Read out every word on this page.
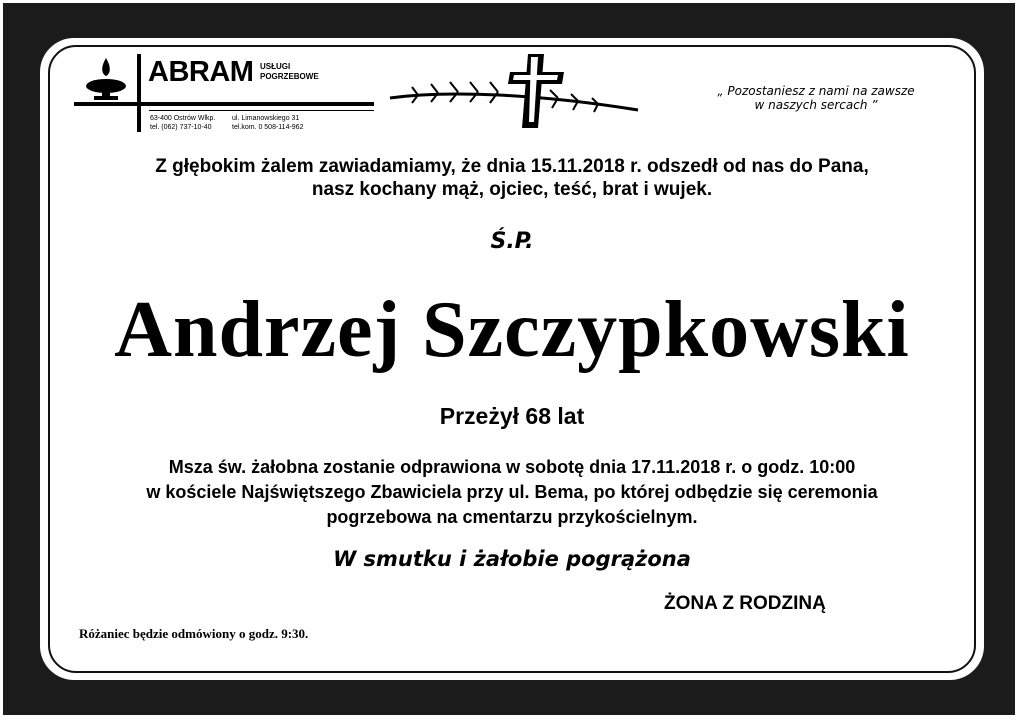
ABRAM USŁUGI
POGRZEBOWE
63-400 Ostrów Wlkp.
tel. (062) 737-10-40
ul. Limanowskiego 31
tel.kom. 0 508-114-962
„ Pozostaniesz z nami na zawsze
w naszych sercach ”
Z głębokim żalem zawiadamiamy, że dnia 15.11.2018 r. odszedł od nas do Pana,
nasz kochany mąż, ojciec, teść, brat i wujek.
Ś.P.
Andrzej Szczypkowski
Przeżył 68 lat
Msza św. żałobna zostanie odprawiona w sobotę dnia 17.11.2018 r. o godz. 10:00
w kościele Najświętszego Zbawiciela przy ul. Bema, po której odbędzie się ceremonia
pogrzebowa na cmentarzu przykościelnym.
W smutku i żałobie pogrążona
ŻONA Z RODZINĄ
Różaniec będzie odmówiony o godz. 9:30.
